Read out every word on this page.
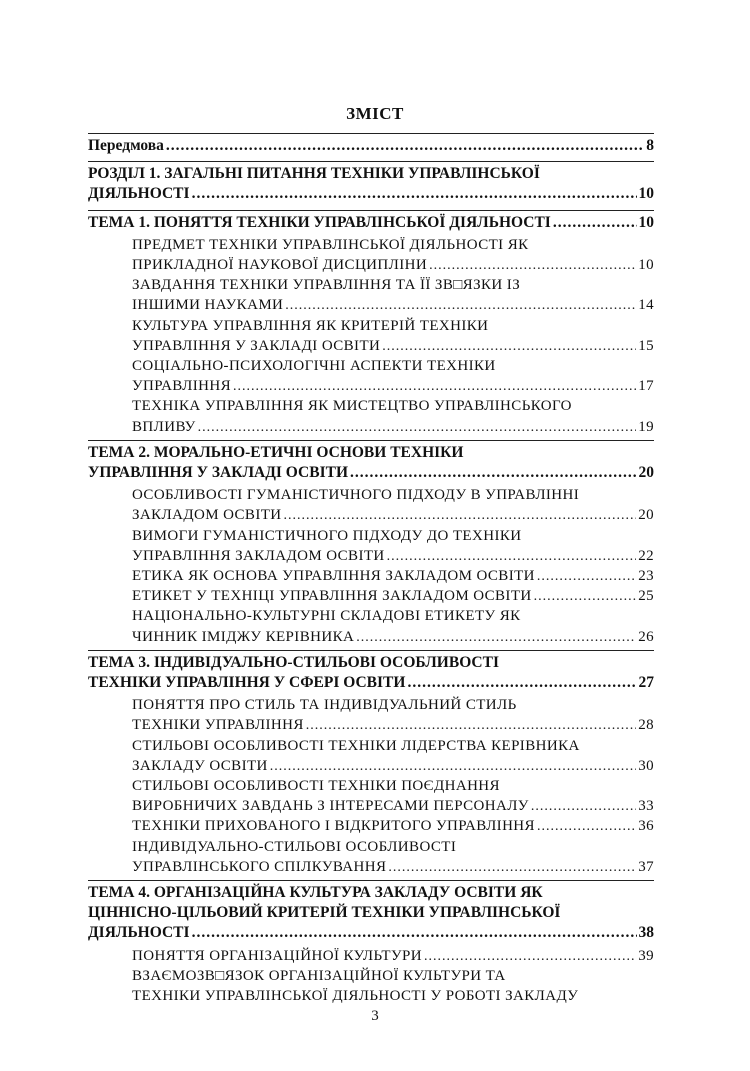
ЗМІСТ
Передмова .....	8
РОЗДІЛ 1. ЗАГАЛЬНІ ПИТАННЯ ТЕХНІКИ УПРАВЛІНСЬКОЇ
ДІЯЛЬНОСТІ .....	10
ТЕМА 1. ПОНЯТТЯ ТЕХНІКИ УПРАВЛІНСЬКОЇ ДІЯЛЬНОСТІ .....	10
ПРЕДМЕТ ТЕХНІКИ УПРАВЛІНСЬКОЇ ДІЯЛЬНОСТІ ЯК
ПРИКЛАДНОЇ НАУКОВОЇ ДИСЦИПЛІНИ .....	10
ЗАВДАННЯ ТЕХНІКИ УПРАВЛІННЯ ТА ЇЇ ЗВ□ЯЗКИ ІЗ
ІНШИМИ НАУКАМИ .....	14
КУЛЬТУРА УПРАВЛІННЯ ЯК КРИТЕРІЙ ТЕХНІКИ
УПРАВЛІННЯ У ЗАКЛАДІ ОСВІТИ .....	15
СОЦІАЛЬНО-ПСИХОЛОГІЧНІ АСПЕКТИ ТЕХНІКИ
УПРАВЛІННЯ .....	17
ТЕХНІКА УПРАВЛІННЯ ЯК МИСТЕЦТВО УПРАВЛІНСЬКОГО
ВПЛИВУ .....	19
ТЕМА 2. МОРАЛЬНО-ЕТИЧНІ ОСНОВИ ТЕХНІКИ
УПРАВЛІННЯ У ЗАКЛАДІ ОСВІТИ .....	20
ОСОБЛИВОСТІ ГУМАНІСТИЧНОГО ПІДХОДУ В УПРАВЛІННІ
ЗАКЛАДОМ ОСВІТИ .....	20
ВИМОГИ ГУМАНІСТИЧНОГО ПІДХОДУ ДО ТЕХНІКИ
УПРАВЛІННЯ ЗАКЛАДОМ ОСВІТИ .....	22
ЕТИКА ЯК ОСНОВА УПРАВЛІННЯ ЗАКЛАДОМ ОСВІТИ .....	23
ЕТИКЕТ У ТЕХНІЦІ УПРАВЛІННЯ ЗАКЛАДОМ ОСВІТИ .....	25
НАЦІОНАЛЬНО-КУЛЬТУРНІ СКЛАДОВІ ЕТИКЕТУ ЯК
ЧИННИК ІМІДЖУ КЕРІВНИКА .....	26
ТЕМА 3. ІНДИВІДУАЛЬНО-СТИЛЬОВІ ОСОБЛИВОСТІ
ТЕХНІКИ УПРАВЛІННЯ У СФЕРІ ОСВІТИ .....	27
ПОНЯТТЯ ПРО СТИЛЬ ТА ІНДИВІДУАЛЬНИЙ СТИЛЬ
ТЕХНІКИ УПРАВЛІННЯ .....	28
СТИЛЬОВІ ОСОБЛИВОСТІ ТЕХНІКИ ЛІДЕРСТВА КЕРІВНИКА
ЗАКЛАДУ ОСВІТИ .....	30
СТИЛЬОВІ ОСОБЛИВОСТІ ТЕХНІКИ ПОЄДНАННЯ
ВИРОБНИЧИХ ЗАВДАНЬ З ІНТЕРЕСАМИ ПЕРСОНАЛУ .....	33
ТЕХНІКИ ПРИХОВАНОГО І ВІДКРИТОГО УПРАВЛІННЯ .....	36
ІНДИВІДУАЛЬНО-СТИЛЬОВІ ОСОБЛИВОСТІ
УПРАВЛІНСЬКОГО СПІЛКУВАННЯ .....	37
ТЕМА 4. ОРГАНІЗАЦІЙНА КУЛЬТУРА ЗАКЛАДУ ОСВІТИ ЯК
ЦІННІСНО-ЦІЛЬОВИЙ КРИТЕРІЙ ТЕХНІКИ УПРАВЛІНСЬКОЇ
ДІЯЛЬНОСТІ .....	38
ПОНЯТТЯ ОРГАНІЗАЦІЙНОЇ КУЛЬТУРИ .....	39
ВЗАЄМОЗВ□ЯЗОК ОРГАНІЗАЦІЙНОЇ КУЛЬТУРИ ТА
ТЕХНІКИ УПРАВЛІНСЬКОЇ ДІЯЛЬНОСТІ У РОБОТІ ЗАКЛАДУ
3
